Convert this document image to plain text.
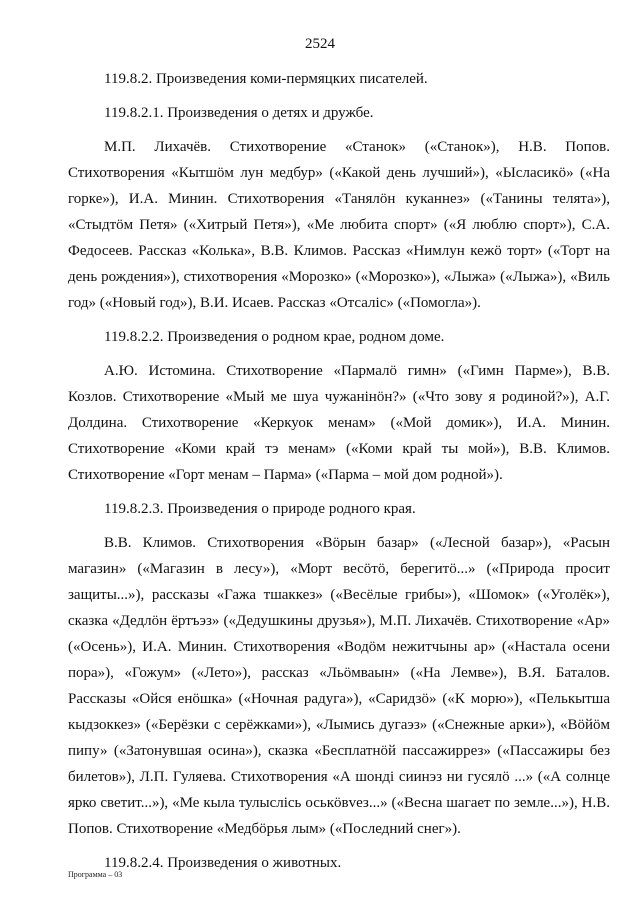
2524

119.8.2. Произведения коми-пермяцких писателей.

119.8.2.1. Произведения о детях и дружбе.

М.П. Лихачёв. Стихотворение «Станок» («Станок»), Н.В. Попов. Стихотворения «Кытшӧм лун медбур» («Какой день лучший»), «Ыcласикӧ» («На горке»), И.А. Минин. Стихотворения «Танялӧн куканнез» («Танины телята»), «Стыдтӧм Петя» («Хитрый Петя»), «Ме любита спорт» («Я люблю спорт»), С.А. Федосеев. Рассказ «Колька», В.В. Климов. Рассказ «Нимлун кежӧ торт» («Торт на день рождения»), стихотворения «Морозко» («Морозко»), «Лыжа» («Лыжа»), «Виль год» («Новый год»), В.И. Исаев. Рассказ «Отсаліс» («Помогла»).

119.8.2.2. Произведения о родном крае, родном доме.

А.Ю. Истомина. Стихотворение «Пармалӧ гимн» («Гимн Парме»), В.В. Козлов. Стихотворение «Мый ме шуа чужанінӧн?» («Что зову я родиной?»), А.Г. Долдина. Стихотворение «Керкуок менам» («Мой домик»), И.А. Минин. Стихотворение «Коми край тэ менам» («Коми край ты мой»), В.В. Климов. Стихотворение «Горт менам – Парма» («Парма – мой дом родной»).

119.8.2.3. Произведения о природе родного края.

В.В. Климов. Стихотворения «Вӧрын базар» («Лесной базар»), «Расын магазин» («Магазин в лесу»), «Морт весӧтӧ, берегитӧ...» («Природа просит защиты...»), рассказы «Гажа тшаккез» («Весёлые грибы»), «Шомок» («Уголёк»), сказка «Дедлӧн ёртъэз» («Дедушкины друзья»), М.П. Лихачёв. Стихотворение «Ар» («Осень»), И.А. Минин. Стихотворения «Водӧм нежитчыны ар» («Настала осени пора»), «Гожум» («Лето»), рассказ «Льӧмваын» («На Лемве»), В.Я. Баталов. Рассказы «Ойся енӧшка» («Ночная радуга»), «Саридзӧ» («К морю»), «Пелькытша кыдзоккез» («Берёзки с серёжками»), «Лымись дугаэз» («Снежные арки»), «Вӧйӧм пипу» («Затонувшая осина»), сказка «Бесплатнӧй пассажиррез» («Пассажиры без билетов»), Л.П. Гуляева. Стихотворения «А шонді сиинэз ни гусялӧ ...» («А солнце ярко светит...»), «Ме кыла тулыслісь оськӧвvез...» («Весна шагает по земле...»), Н.В. Попов. Стихотворение «Медбӧрья лым» («Последний снег»).

119.8.2.4. Произведения о животных.

Программа – 03
